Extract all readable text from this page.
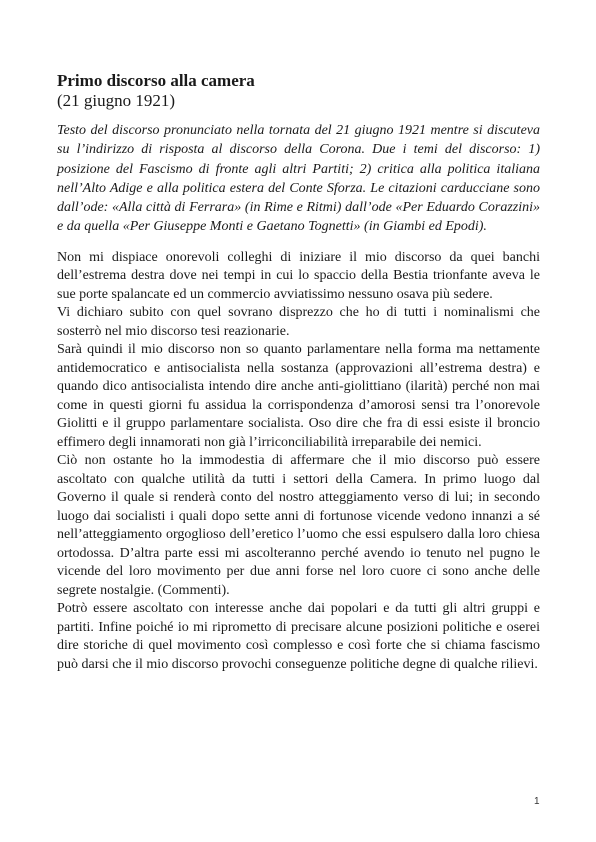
Primo discorso alla camera
(21 giugno 1921)

Testo del discorso pronunciato nella tornata del 21 giugno 1921 mentre si discuteva su l’indirizzo di risposta al discorso della Corona. Due i temi del discorso: 1) posizione del Fascismo di fronte agli altri Partiti; 2) critica alla politica italiana nell’Alto Adige e alla politica estera del Conte Sforza. Le citazioni carducciane sono dall’ode: «Alla città di Ferrara» (in Rime e Ritmi) dall’ode «Per Eduardo Corazzini» e da quella «Per Giuseppe Monti e Gaetano Tognetti» (in Giambi ed Epodi).

Non mi dispiace onorevoli colleghi di iniziare il mio discorso da quei banchi dell’estrema destra dove nei tempi in cui lo spaccio della Bestia trionfante aveva le sue porte spalancate ed un commercio avviatissimo nessuno osava più sedere.

Vi dichiaro subito con quel sovrano disprezzo che ho di tutti i nominalismi che sosterrò nel mio discorso tesi reazionarie.

Sarà quindi il mio discorso non so quanto parlamentare nella forma ma nettamente antidemocratico e antisocialista nella sostanza (approvazioni all’estrema destra) e quando dico antisocialista intendo dire anche anti-giolittiano (ilarità) perché non mai come in questi giorni fu assidua la corrispondenza d’amorosi sensi tra l’onorevole Giolitti e il gruppo parlamentare socialista. Oso dire che fra di essi esiste il broncio effimero degli innamorati non già l’irriconciliabilità irreparabile dei nemici.

Ciò non ostante ho la immodestia di affermare che il mio discorso può essere ascoltato con qualche utilità da tutti i settori della Camera. In primo luogo dal Governo il quale si renderà conto del nostro atteggiamento verso di lui; in secondo luogo dai socialisti i quali dopo sette anni di fortunose vicende vedono innanzi a sé nell’atteggiamento orgoglioso dell’eretico l’uomo che essi espulsero dalla loro chiesa ortodossa. D’altra parte essi mi ascolteranno perché avendo io tenuto nel pugno le vicende del loro movimento per due anni forse nel loro cuore ci sono anche delle segrete nostalgie. (Commenti).

Potrò essere ascoltato con interesse anche dai popolari e da tutti gli altri gruppi e partiti. Infine poiché io mi riprometto di precisare alcune posizioni politiche e oserei dire storiche di quel movimento così complesso e così forte che si chiama fascismo può darsi che il mio discorso provochi conseguenze politiche degne di qualche rilievi.

1
